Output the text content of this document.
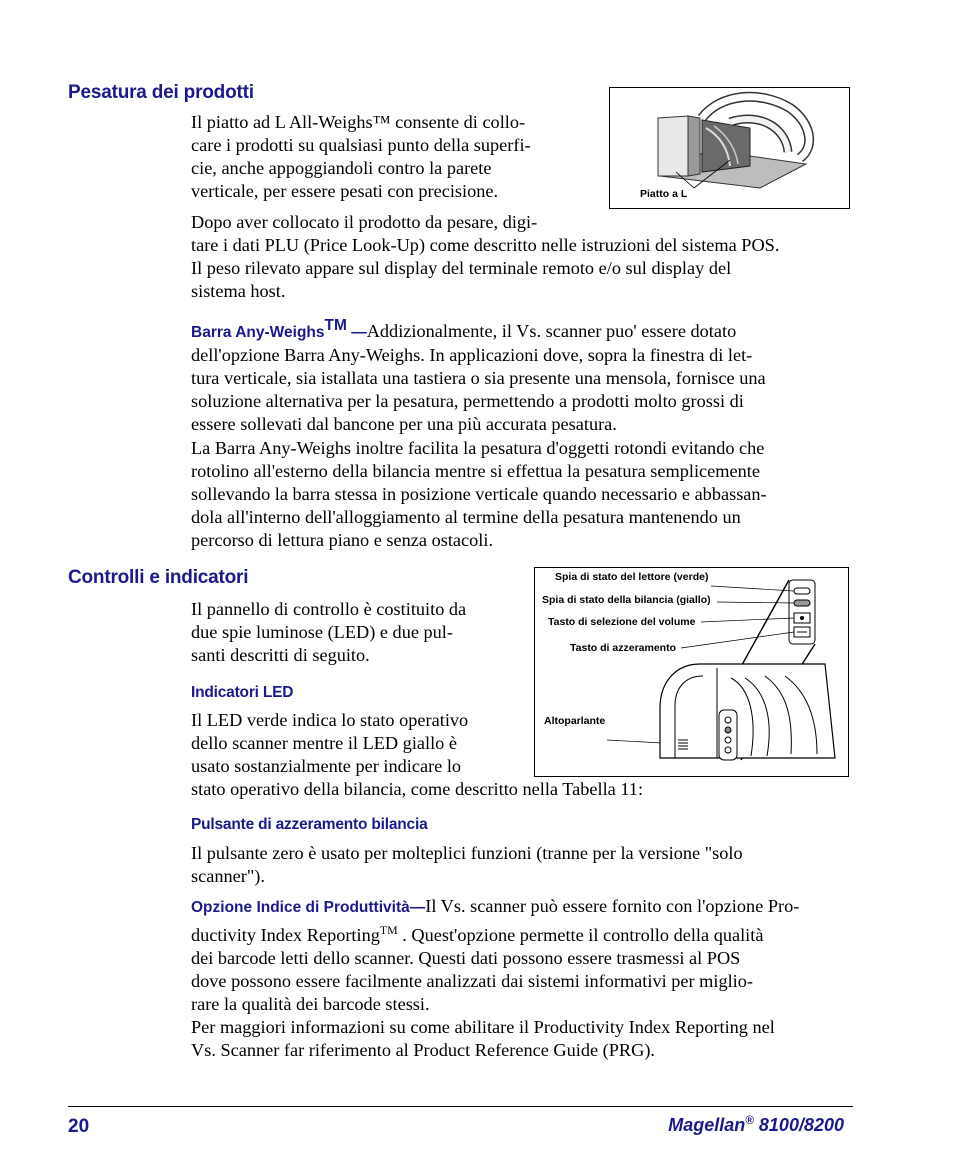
Pesatura dei prodotti
Il piatto ad L All-Weighs™ consente di collo-
care i prodotti su qualsiasi punto della superfi-
cie, anche appoggiandoli contro la parete
verticale, per essere pesati con precisione.	Piatto a L
Dopo aver collocato il prodotto da pesare, digi-
tare i dati PLU (Price Look-Up) come descritto nelle istruzioni del sistema POS.
Il peso rilevato appare sul display del terminale remoto e/o sul display del
sistema host.
Barra Any-Weighs™ —Addizionalmente, il Vs. scanner puo' essere dotato
dell'opzione Barra Any-Weighs. In applicazioni dove, sopra la finestra di let-
tura verticale, sia istallata una tastiera o sia presente una mensola, fornisce una
soluzione alternativa per la pesatura, permettendo a prodotti molto grossi di
essere sollevati dal bancone per una più accurata pesatura.
La Barra Any-Weighs inoltre facilita la pesatura d'oggetti rotondi evitando che
rotolino all'esterno della bilancia mentre si effettua la pesatura semplicemente
sollevando la barra stessa in posizione verticale quando necessario e abbassan-
dola all'interno dell'alloggiamento al termine della pesatura mantenendo un
percorso di lettura piano e senza ostacoli.
Controlli e indicatori
Il pannello di controllo è costituito da
due spie luminose (LED) e due pul-
santi descritti di seguito.
Spia di stato del lettore (verde)
Spia di stato della bilancia (giallo)
Tasto di selezione del volume
Tasto di azzeramento
Altoparlante
Indicatori LED
Il LED verde indica lo stato operativo
dello scanner mentre il LED giallo è
usato sostanzialmente per indicare lo
stato operativo della bilancia, come descritto nella Tabella 11:
Pulsante di azzeramento bilancia
Il pulsante zero è usato per molteplici funzioni (tranne per la versione "solo
scanner").
Opzione Indice di Produttività—Il Vs. scanner può essere fornito con l'opzione Pro-
ductivity Index Reporting™ . Quest'opzione permette il controllo della qualità
dei barcode letti dello scanner. Questi dati possono essere trasmessi al POS
dove possono essere facilmente analizzati dai sistemi informativi per miglio-
rare la qualità dei barcode stessi.
Per maggiori informazioni su come abilitare il Productivity Index Reporting nel
Vs. Scanner far riferimento al Product Reference Guide (PRG).
20	Magellan® 8100/8200
